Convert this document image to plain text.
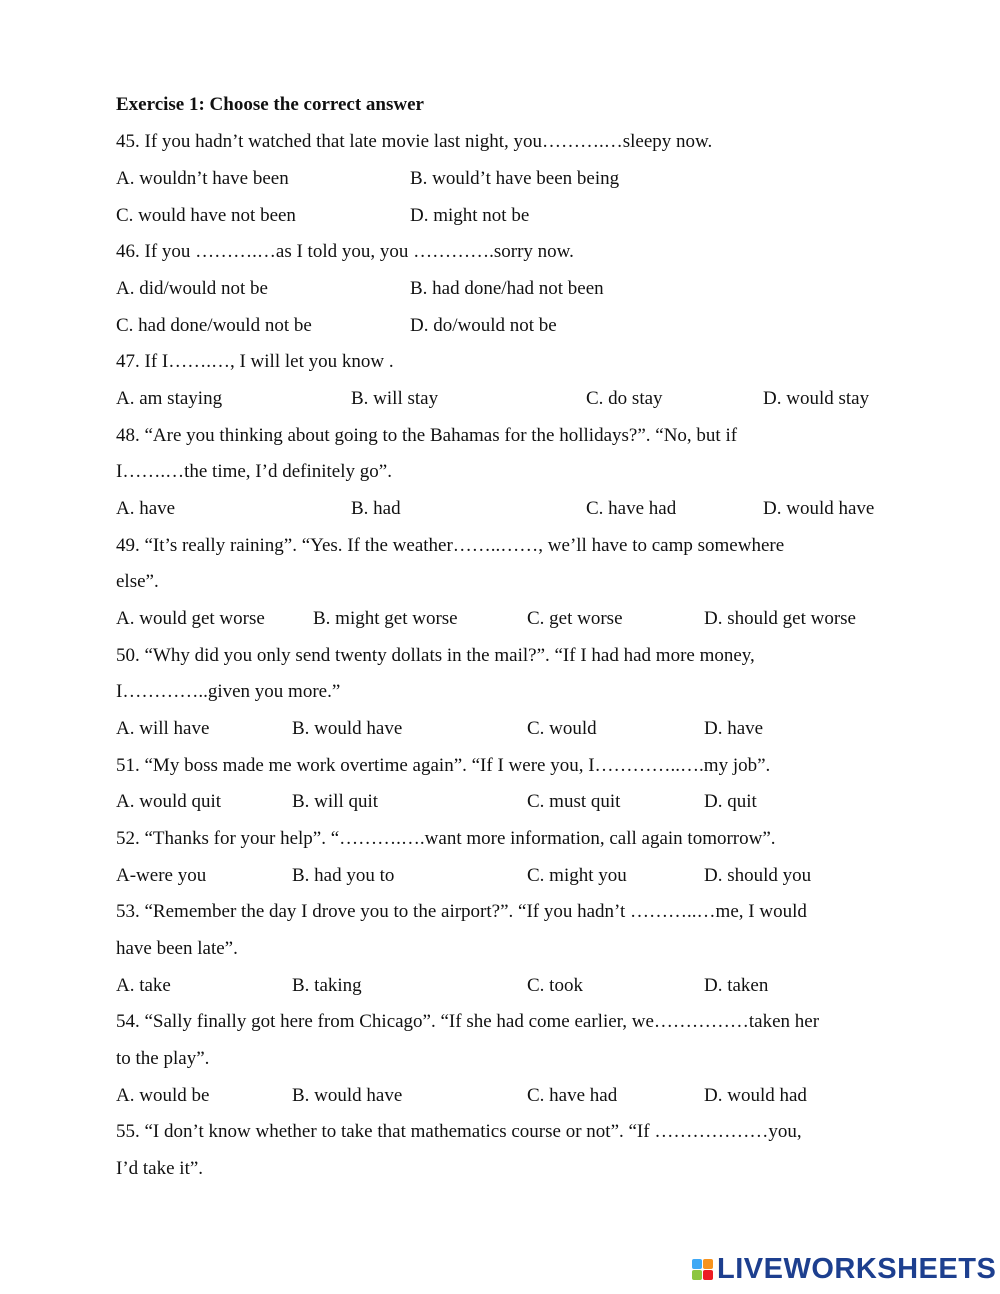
Exercise 1: Choose the correct answer
45. If you hadn’t watched that late movie last night, you……….…sleepy now.
A. wouldn’t have been	B. would’t have been being
C. would have not been	D. might not be
46. If you ……….…as I told you, you ………….sorry now.
A. did/would not be	B. had done/had not been
C. had done/would not be	D. do/would not be
47. If I…….…, I will let you know .
A. am staying	B. will stay	C. do stay	D. would stay
48. “Are you thinking about going to the Bahamas for the hollidays?”. “No, but if
I…….…the time, I’d definitely go”.
A. have	B. had	C. have had	D. would have
49. “It’s really raining”. “Yes. If the weather……..……, we’ll have to camp somewhere
else”.
A. would get worse	B. might get worse	C. get worse	D. should get worse
50. “Why did you only send twenty dollats in the mail?”. “If I had had more money,
I…………..given you more.”
A. will have	B. would have	C. would	D. have
51. “My boss made me work overtime again”. “If I were you, I…………..….my job”.
A. would quit	B. will quit	C. must quit	D. quit
52. “Thanks for your help”. “……….….want more information, call again tomorrow”.
A-were you	B. had you to	C. might you	D. should you
53. “Remember the day I drove you to the airport?”. “If you hadn’t ………..…me, I would
have been late”.
A. take	B. taking	C. took	D. taken
54. “Sally finally got here from Chicago”. “If she had come earlier, we……………taken her
to the play”.
A. would be	B. would have	C. have had	D. would had
55. “I don’t know whether to take that mathematics course or not”. “If ………………you,
I’d take it”.
LIVEWORKSHEETS
